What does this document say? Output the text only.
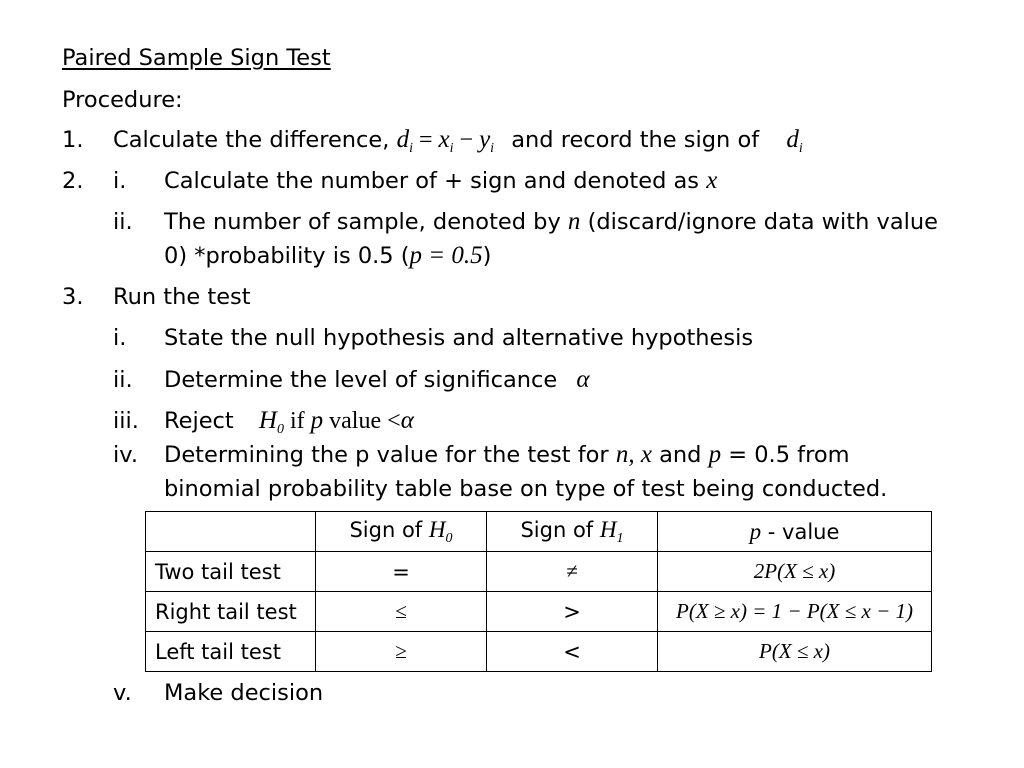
Paired Sample Sign Test
Procedure:
1. Calculate the difference, $d_i = x_i - y_i$ and record the sign of $d_i$
2. i. Calculate the number of + sign and denoted as x
ii. The number of sample, denoted by n (discard/ignore data with value
0) *probability is 0.5 (p = 0.5)
3. Run the test
i. State the null hypothesis and alternative hypothesis
ii. Determine the level of significance α
iii. Reject $H_0$ if p value <α
iv. Determining the p value for the test for n, x and p = 0.5 from
binomial probability table base on type of test being conducted.
	Sign of $H_0$	Sign of $H_1$	p - value
Two tail test	=	≠	2P(X ≤ x)
Right tail test	≤	>	P(X ≥ x) = 1 − P(X ≤ x − 1)
Left tail test	≥	<	P(X ≤ x)
v. Make decision
